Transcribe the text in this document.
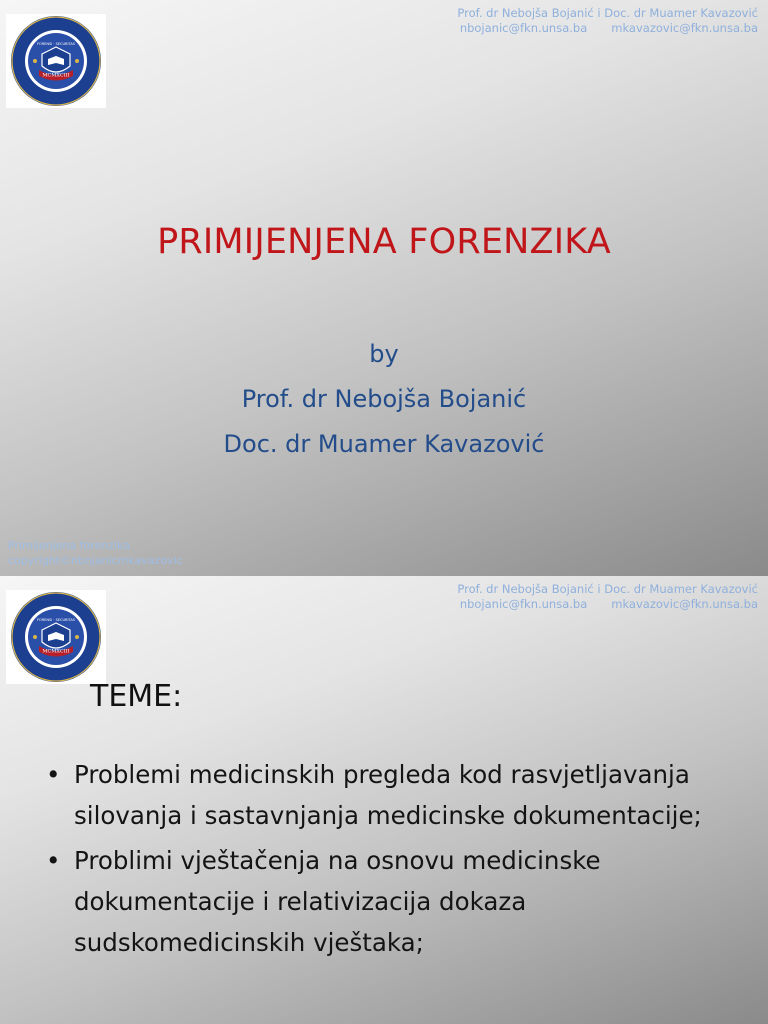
MCMXCIII
FORENSI · SECURITAS
Prof. dr Nebojša Bojanić i Doc. dr Muamer Kavazović
nbojanic@fkn.unsa.ba mkavazovic@fkn.unsa.ba
PRIMIJENJENA FORENZIKA
by
Prof. dr Nebojša Bojanić
Doc. dr Muamer Kavazović
Primijenjena forenzika
copyright©nbojanicmkavazovic
MCMXCIII
FORENSI · SECURITAS
Prof. dr Nebojša Bojanić i Doc. dr Muamer Kavazović
nbojanic@fkn.unsa.ba mkavazovic@fkn.unsa.ba
TEME:
• Problemi medicinskih pregleda kod rasvjetljavanja silovanja i sastavnjanja medicinske dokumentacije;
• Problimi vještačenja na osnovu medicinske dokumentacije i relativizacija dokaza sudskomedicinskih vještaka;
